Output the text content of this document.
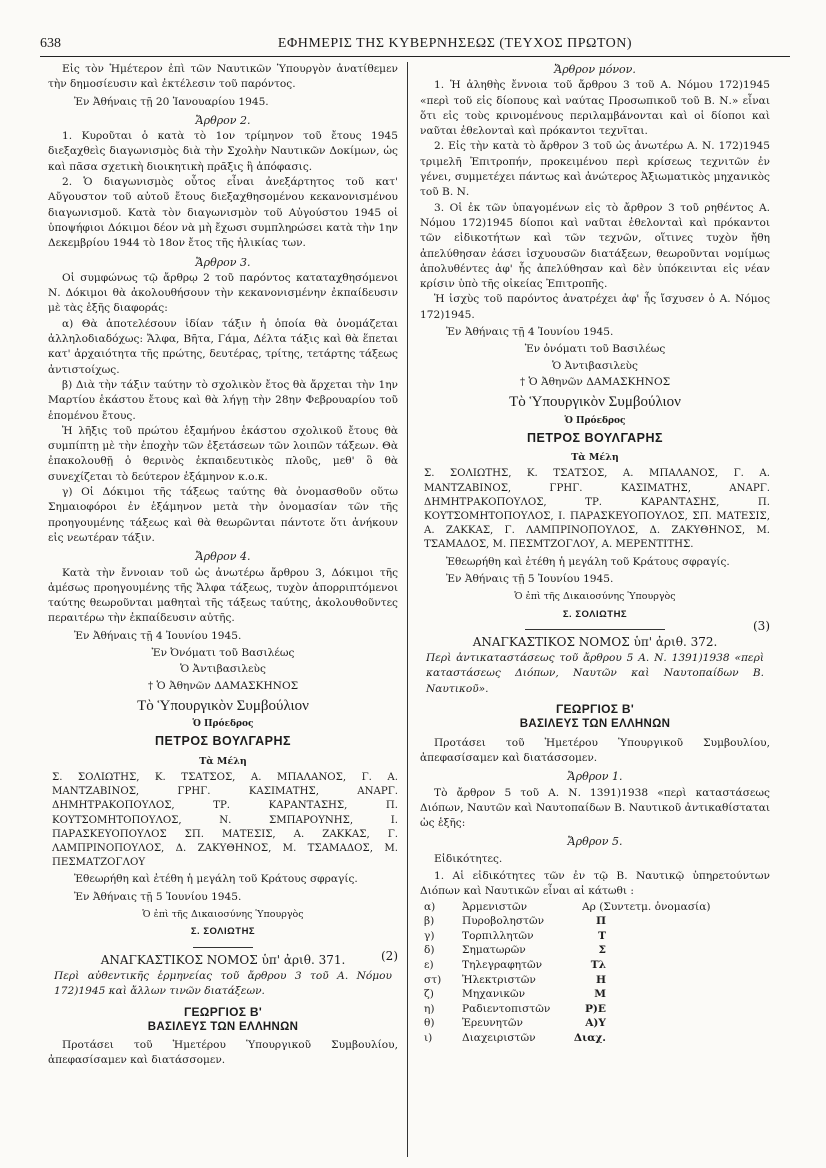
638	ΕΦΗΜΕΡΙΣ ΤΗΣ ΚΥΒΕΡΝΗΣΕΩΣ (ΤΕΥΧΟΣ ΠΡΩΤΟΝ)

Εἰς τὸν Ἡμέτερον ἐπὶ τῶν Ναυτικῶν Ὑπουργὸν ἀνατίθεμεν τὴν δημοσίευσιν καὶ ἐκτέλεσιν τοῦ παρόντος.

Ἐν Ἀθήναις τῇ 20 Ἰανουαρίου 1945.

Ἄρθρον 2.

1. Κυροῦται ὁ κατὰ τὸ 1ον τρίμηνον τοῦ ἔτους 1945 διεξαχθεὶς διαγωνισμὸς διὰ τὴν Σχολὴν Ναυτικῶν Δοκίμων, ὡς καὶ πᾶσα σχετικὴ διοικητικὴ πρᾶξις ἢ ἀπόφασις.

2. Ὁ διαγωνισμὸς οὗτος εἶναι ἀνεξάρτητος τοῦ κατ' Αὔγουστον τοῦ αὐτοῦ ἔτους διεξαχθησομένου κεκανονισμένου διαγωνισμοῦ. Κατὰ τὸν διαγωνισμὸν τοῦ Αὐγούστου 1945 οἱ ὑποψήφιοι Δόκιμοι δέον νὰ μὴ ἔχωσι συμπληρώσει κατὰ τὴν 1ην Δεκεμβρίου 1944 τὸ 18ον ἔτος τῆς ἡλικίας των.

Ἄρθρον 3.

Οἱ συμφώνως τῷ ἄρθρῳ 2 τοῦ παρόντος καταταχθησόμενοι Ν. Δόκιμοι θὰ ἀκολουθήσουν τὴν κεκανονισμένην ἐκπαίδευσιν μὲ τὰς ἑξῆς διαφοράς:

α) Θὰ ἀποτελέσουν ἰδίαν τάξιν ἡ ὁποία θὰ ὀνομάζεται ἀλληλοδιαδόχως: Ἄλφα, Βῆτα, Γάμα, Δέλτα τάξις καὶ θὰ ἕπεται κατ' ἀρχαιότητα τῆς πρώτης, δευτέρας, τρίτης, τετάρτης τάξεως ἀντιστοίχως.

β) Διὰ τὴν τάξιν ταύτην τὸ σχολικὸν ἔτος θὰ ἄρχεται τὴν 1ην Μαρτίου ἑκάστου ἔτους καὶ θὰ λήγῃ τὴν 28ην Φεβρουαρίου τοῦ ἑπομένου ἔτους.

Ἡ λῆξις τοῦ πρώτου ἑξαμήνου ἑκάστου σχολικοῦ ἔτους θὰ συμπίπτῃ μὲ τὴν ἐποχὴν τῶν ἐξετάσεων τῶν λοιπῶν τάξεων. Θὰ ἐπακολουθῇ ὁ θερινὸς ἐκπαιδευτικὸς πλοῦς, μεθ' ὃ θὰ συνεχίζεται τὸ δεύτερον ἑξάμηνον κ.ο.κ.

γ) Οἱ Δόκιμοι τῆς τάξεως ταύτης θὰ ὀνομασθοῦν οὕτω Σημαιοφόροι ἐν ἑξάμηνον μετὰ τὴν ὀνομασίαν τῶν τῆς προηγουμένης τάξεως καὶ θὰ θεωρῶνται πάντοτε ὅτι ἀνήκουν εἰς νεωτέραν τάξιν.

Ἄρθρον 4.

Κατὰ τὴν ἔννοιαν τοῦ ὡς ἀνωτέρω ἄρθρου 3, Δόκιμοι τῆς ἀμέσως προηγουμένης τῆς Ἄλφα τάξεως, τυχὸν ἀπορριπτόμενοι ταύτης θεωροῦνται μαθηταὶ τῆς τάξεως ταύτης, ἀκολουθοῦντες περαιτέρω τὴν ἐκπαίδευσιν αὐτῆς.

Ἐν Ἀθήναις τῇ 4 Ἰουνίου 1945.

Ἐν Ὀνόματι τοῦ Βασιλέως

Ὁ Ἀντιβασιλεὺς

† Ὁ Ἀθηνῶν ΔΑΜΑΣΚΗΝΟΣ

Τὸ Ὑπουργικὸν Συμβούλιον

Ὁ Πρόεδρος

ΠΕΤΡΟΣ ΒΟΥΛΓΑΡΗΣ

Τὰ Μέλη

Σ. ΣΟΛΙΩΤΗΣ, Κ. ΤΣΑΤΣΟΣ, Α. ΜΠΑΛΑΝΟΣ, Γ. Α. ΜΑΝΤΖΑΒΙΝΟΣ, ΓΡΗΓ. ΚΑΣΙΜΑΤΗΣ, ΑΝΑΡΓ. ΔΗΜΗΤΡΑΚΟΠΟΥΛΟΣ, ΤΡ. ΚΑΡΑΝΤΑΣΗΣ, Π. ΚΟΥΤΣΟΜΗΤΟΠΟΥΛΟΣ, Ν. ΣΜΠΑΡΟΥΝΗΣ, Ι. ΠΑΡΑΣΚΕΥΟΠΟΥΛΟΣ ΣΠ. ΜΑΤΕΣΙΣ, Α. ΖΑΚΚΑΣ, Γ. ΛΑΜΠΡΙΝΟΠΟΥΛΟΣ, Δ. ΖΑΚΥΘΗΝΟΣ, Μ. ΤΣΑΜΑΔΟΣ, Μ. ΠΕΣΜΑΤΖΟΓΛΟΥ

Ἐθεωρήθη καὶ ἐτέθη ἡ μεγάλη τοῦ Κράτους σφραγίς.

Ἐν Ἀθήναις τῇ 5 Ἰουνίου 1945.

Ὁ ἐπὶ τῆς Δικαιοσύνης Ὑπουργὸς

Σ. ΣΟΛΙΩΤΗΣ

ΑΝΑΓΚΑΣΤΙΚΟΣ ΝΟΜΟΣ ὑπ' ἀριθ. 371.	(2)

Περὶ αὐθεντικῆς ἑρμηνείας τοῦ ἄρθρου 3 τοῦ Α. Νόμου 172)1945 καὶ ἄλλων τινῶν διατάξεων.

ΓΕΩΡΓΙΟΣ Β'

ΒΑΣΙΛΕΥΣ ΤΩΝ ΕΛΛΗΝΩΝ

Προτάσει τοῦ Ἡμετέρου Ὑπουργικοῦ Συμβουλίου, ἀπεφασίσαμεν καὶ διατάσσομεν.

Ἄρθρον μόνον.

1. Ἡ ἀληθὴς ἔννοια τοῦ ἄρθρου 3 τοῦ Α. Νόμου 172)1945 «περὶ τοῦ εἰς δίοπους καὶ ναύτας Προσωπικοῦ τοῦ Β. Ν.» εἶναι ὅτι εἰς τοὺς κρινομένους περιλαμβάνονται καὶ οἱ δίοποι καὶ ναῦται ἐθελονταὶ καὶ πρόκαντοι τεχνῖται.

2. Εἰς τὴν κατὰ τὸ ἄρθρον 3 τοῦ ὡς ἀνωτέρω Α. Ν. 172)1945 τριμελῆ Ἐπιτροπήν, προκειμένου περὶ κρίσεως τεχνιτῶν ἐν γένει, συμμετέχει πάντως καὶ ἀνώτερος Ἀξιωματικὸς μηχανικὸς τοῦ Β. Ν.

3. Οἱ ἐκ τῶν ὑπαγομένων εἰς τὸ ἄρθρον 3 τοῦ ρηθέντος Α. Νόμου 172)1945 δίοποι καὶ ναῦται ἐθελονταὶ καὶ πρόκαντοι τῶν εἰδικοτήτων καὶ τῶν τεχνῶν, οἵτινες τυχὸν ἤθη ἀπελύθησαν ἐάσει ἰσχυουσῶν διατάξεων, θεωροῦνται νομίμως ἀπολυθέντες ἀφ' ἧς ἀπελύθησαν καὶ δὲν ὑπόκεινται εἰς νέαν κρίσιν ὑπὸ τῆς οἰκείας Ἐπιτροπῆς.

Ἡ ἰσχὺς τοῦ παρόντος ἀνατρέχει ἀφ' ἧς ἴσχυσεν ὁ Α. Νόμος 172)1945.

Ἐν Ἀθήναις τῇ 4 Ἰουνίου 1945.

Ἐν ὀνόματι τοῦ Βασιλέως

Ὁ Ἀντιβασιλεὺς

† Ὁ Ἀθηνῶν ΔΑΜΑΣΚΗΝΟΣ

Τὸ Ὑπουργικὸν Συμβούλιον

Ὁ Πρόεδρος

ΠΕΤΡΟΣ ΒΟΥΛΓΑΡΗΣ

Τὰ Μέλη

Σ. ΣΟΛΙΩΤΗΣ, Κ. ΤΣΑΤΣΟΣ, Α. ΜΠΑΛΑΝΟΣ, Γ. Α. ΜΑΝΤΖΑΒΙΝΟΣ, ΓΡΗΓ. ΚΑΣΙΜΑΤΗΣ, ΑΝΑΡΓ. ΔΗΜΗΤΡΑΚΟΠΟΥΛΟΣ, ΤΡ. ΚΑΡΑΝΤΑΣΗΣ, Π. ΚΟΥΤΣΟΜΗΤΟΠΟΥΛΟΣ, Ι. ΠΑΡΑΣΚΕΥΟΠΟΥΛΟΣ, ΣΠ. ΜΑΤΕΣΙΣ, Α. ΖΑΚΚΑΣ, Γ. ΛΑΜΠΡΙΝΟΠΟΥΛΟΣ, Δ. ΖΑΚΥΘΗΝΟΣ, Μ. ΤΣΑΜΑΔΟΣ, Μ. ΠΕΣΜΤΖΟΓΛΟΥ, Α. ΜΕΡΕΝΤΙΤΗΣ.

Ἐθεωρήθη καὶ ἐτέθη ἡ μεγάλη τοῦ Κράτους σφραγίς.

Ἐν Ἀθήναις τῇ 5 Ἰουνίου 1945.

Ὁ ἐπὶ τῆς Δικαιοσύνης Ὑπουργὸς

Σ. ΣΟΛΙΩΤΗΣ

ΑΝΑΓΚΑΣΤΙΚΟΣ ΝΟΜΟΣ ὑπ' ἀριθ. 372.
(3)

Περὶ ἀντικαταστάσεως τοῦ ἄρθρου 5 Α. Ν. 1391)1938 «περὶ καταστάσεως Διόπων, Ναυτῶν καὶ Ναυτοπαίδων Β. Ναυτικοῦ».

ΓΕΩΡΓΙΟΣ Β'

ΒΑΣΙΛΕΥΣ ΤΩΝ ΕΛΛΗΝΩΝ

Προτάσει τοῦ Ἡμετέρου Ὑπουργικοῦ Συμβουλίου, ἀπεφασίσαμεν καὶ διατάσσομεν.

Ἄρθρον 1.

Τὸ ἄρθρον 5 τοῦ Α. Ν. 1391)1938 «περὶ καταστάσεως Διόπων, Ναυτῶν καὶ Ναυτοπαίδων Β. Ναυτικοῦ ἀντικαθίσταται ὡς ἑξῆς:

Ἄρθρον 5.

Εἰδικότητες.

1. Αἱ εἰδικότητες τῶν ἐν τῷ Β. Ναυτικῷ ὑπηρετούντων Διόπων καὶ Ναυτικῶν εἶναι αἱ κάτωθι :

α)	Ἀρμενιστῶν	Αρ (Συντετμ. ὀνομασία)
β)	Πυροβοληστῶν	Π
γ)	Τορπιλλητῶν	Τ
δ)	Σηματωρῶν	Σ
ε)	Τηλεγραφητῶν	Τλ
στ) Ἠλεκτριστῶν	Η
ζ)	Μηχανικῶν	Μ
η)	Ραδιεντοπιστῶν	Ρ)Ε
θ)	Ἐρευνητῶν	Α)Υ
ι)	Διαχειριστῶν	Διαχ.
